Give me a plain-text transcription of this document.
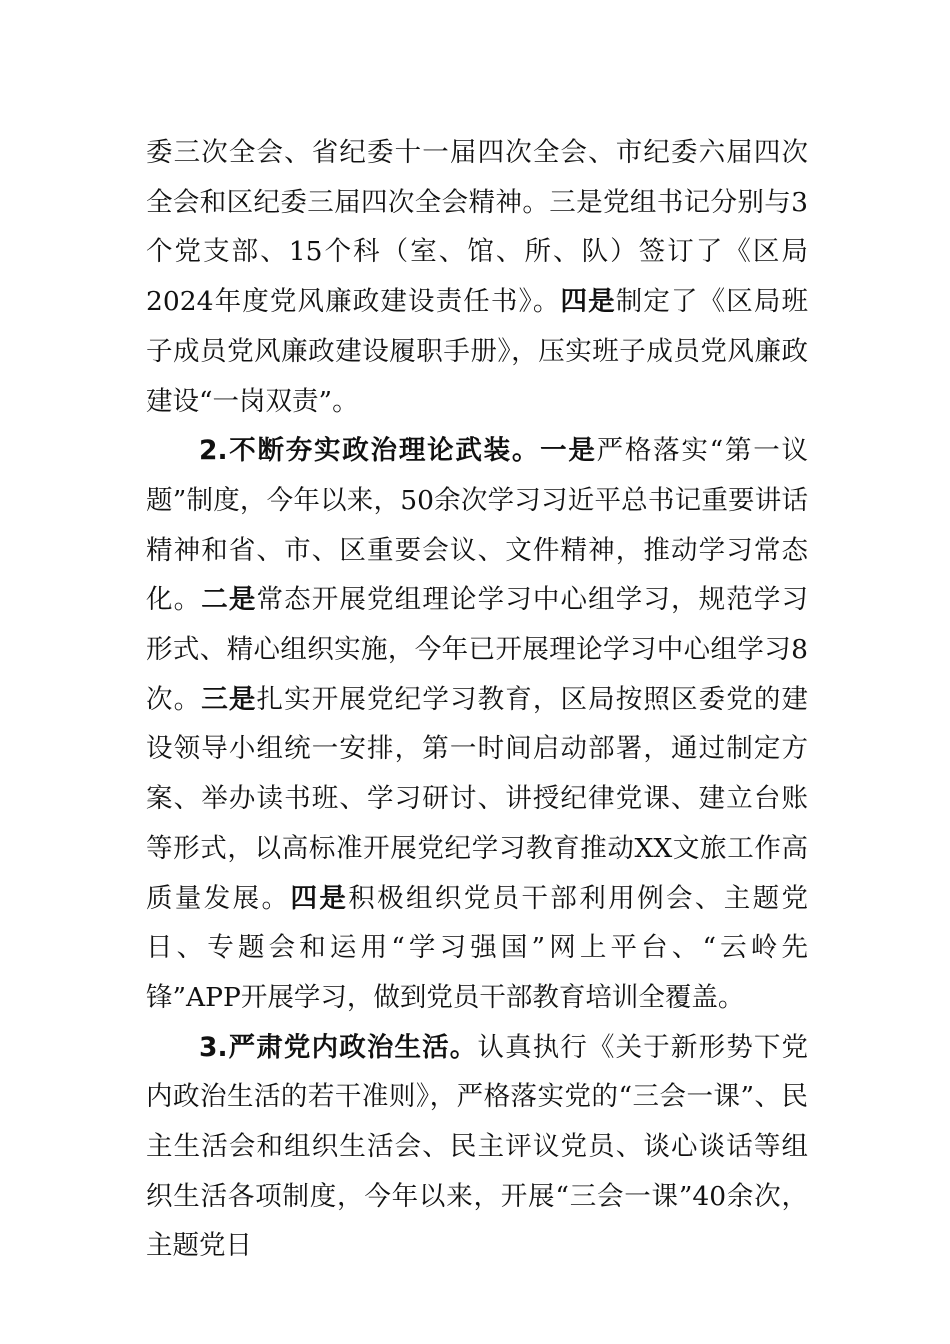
委三次全会、省纪委十一届四次全会、市纪委六届四次全会和区纪委三届四次全会精神。三是党组书记分别与3个党支部、15个科（室、馆、所、队）签订了《区局2024年度党风廉政建设责任书》。四是制定了《区局班子成员党风廉政建设履职手册》，压实班子成员党风廉政建设“一岗双责”。

2.不断夯实政治理论武装。一是严格落实“第一议题”制度，今年以来，50余次学习习近平总书记重要讲话精神和省、市、区重要会议、文件精神，推动学习常态化。二是常态开展党组理论学习中心组学习，规范学习形式、精心组织实施，今年已开展理论学习中心组学习8次。三是扎实开展党纪学习教育，区局按照区委党的建设领导小组统一安排，第一时间启动部署，通过制定方案、举办读书班、学习研讨、讲授纪律党课、建立台账等形式，以高标准开展党纪学习教育推动XX文旅工作高质量发展。四是积极组织党员干部利用例会、主题党日、专题会和运用“学习强国”网上平台、“云岭先锋”APP开展学习，做到党员干部教育培训全覆盖。

3.严肃党内政治生活。认真执行《关于新形势下党内政治生活的若干准则》，严格落实党的“三会一课”、民主生活会和组织生活会、民主评议党员、谈心谈话等组织生活各项制度，今年以来，开展“三会一课”40余次，主题党日
